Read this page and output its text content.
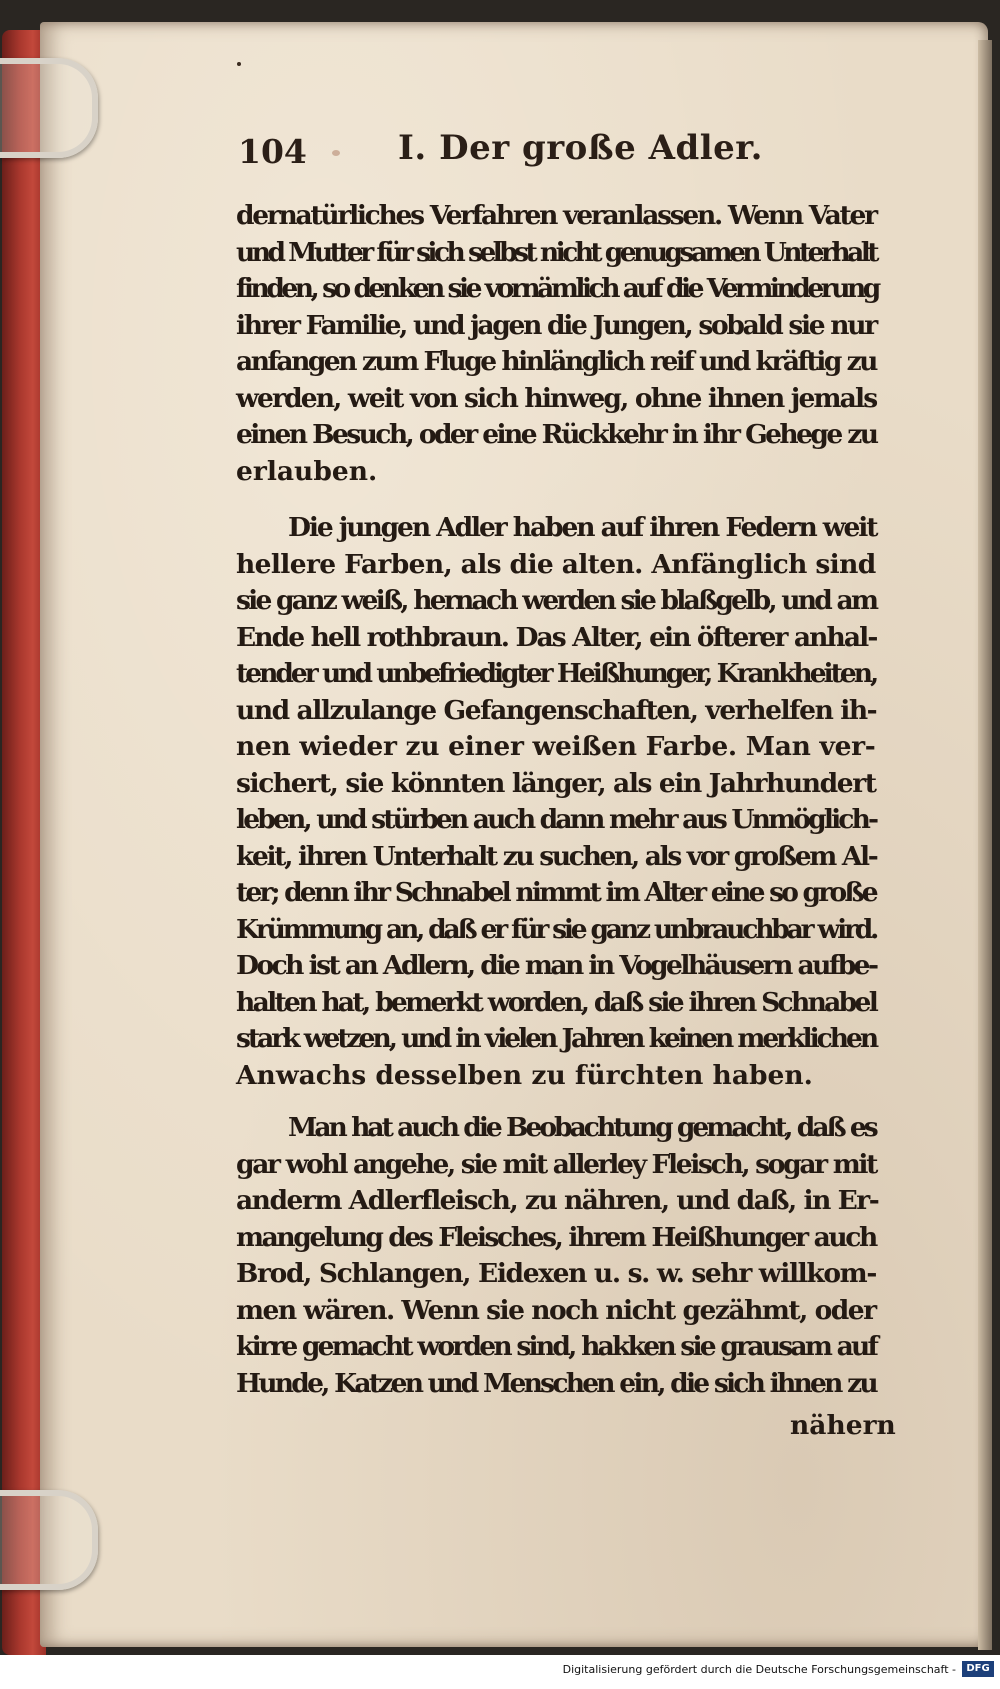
104	I. Der große Adler.
dernatürliches Verfahren veranlassen. Wenn Vater
und Mutter für sich selbst nicht genugsamen Unterhalt
finden, so denken sie vornämlich auf die Verminderung
ihrer Familie, und jagen die Jungen, sobald sie nur
anfangen zum Fluge hinlänglich reif und kräftig zu
werden, weit von sich hinweg, ohne ihnen jemals
einen Besuch, oder eine Rückkehr in ihr Gehege zu
erlauben.
Die jungen Adler haben auf ihren Federn weit
hellere Farben, als die alten. Anfänglich sind
sie ganz weiß, hernach werden sie blaßgelb, und am
Ende hell rothbraun. Das Alter, ein öfterer anhal-
tender und unbefriedigter Heißhunger, Krankheiten,
und allzulange Gefangenschaften, verhelfen ih-
nen wieder zu einer weißen Farbe. Man ver-
sichert, sie könnten länger, als ein Jahrhundert
leben, und stürben auch dann mehr aus Unmöglich-
keit, ihren Unterhalt zu suchen, als vor großem Al-
ter; denn ihr Schnabel nimmt im Alter eine so große
Krümmung an, daß er für sie ganz unbrauchbar wird.
Doch ist an Adlern, die man in Vogelhäusern aufbe-
halten hat, bemerkt worden, daß sie ihren Schnabel
stark wetzen, und in vielen Jahren keinen merklichen
Anwachs desselben zu fürchten haben.
Man hat auch die Beobachtung gemacht, daß es
gar wohl angehe, sie mit allerley Fleisch, sogar mit
anderm Adlerfleisch, zu nähren, und daß, in Er-
mangelung des Fleisches, ihrem Heißhunger auch
Brod, Schlangen, Eidexen u. s. w. sehr willkom-
men wären. Wenn sie noch nicht gezähmt, oder
kirre gemacht worden sind, hakken sie grausam auf
Hunde, Katzen und Menschen ein, die sich ihnen zu
nähern
Digitalisierung gefördert durch die Deutsche Forschungsgemeinschaft -	DFG
